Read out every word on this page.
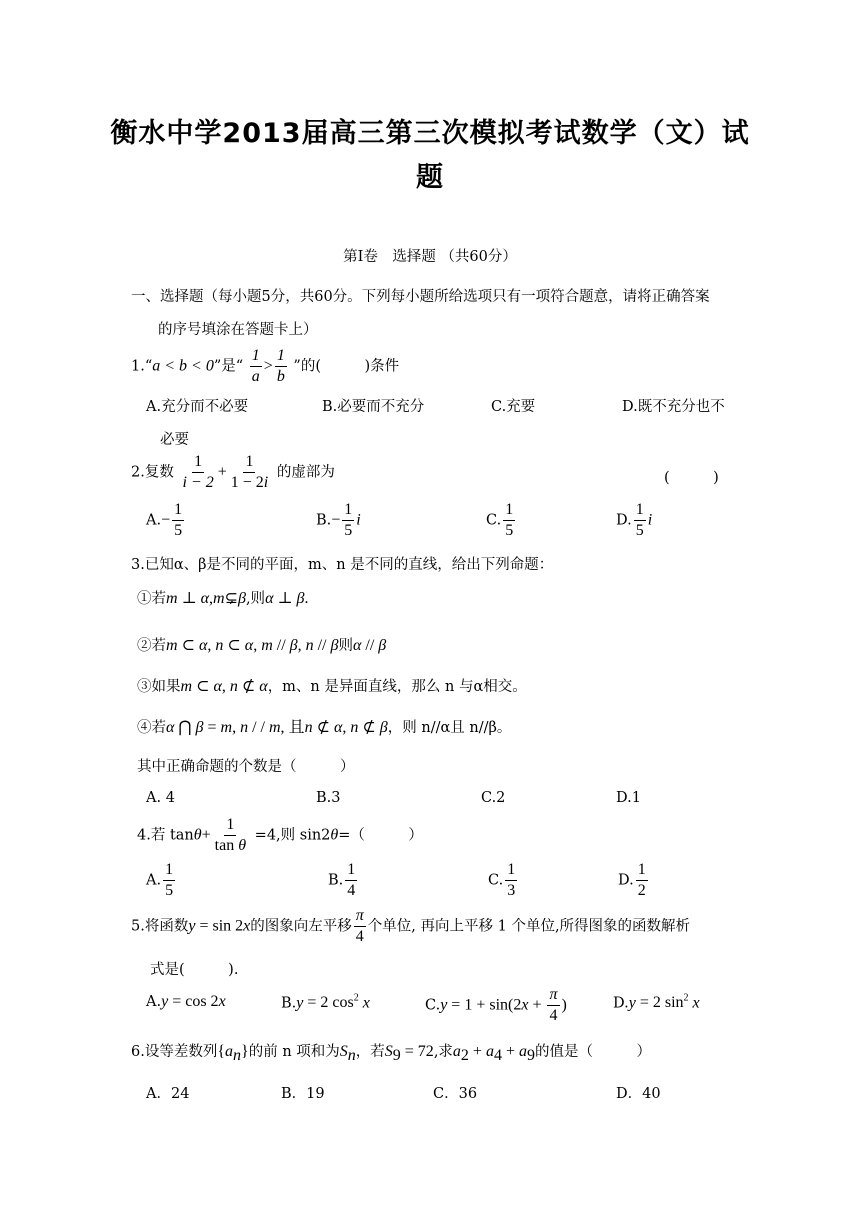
衡水中学2013届高三第三次模拟考试数学（文）试
题
第Ⅰ卷　选择题 （共60分）
一、选择题（每小题5分，共60分。下列每小题所给选项只有一项符合题意，请将正确答案
的序号填涂在答题卡上）
1.“a < b < 0”是“ $\frac{1}{a} > \frac{1}{b}$ ”的(　　　)条件
A.充分而不必要	B.必要而不充分	C.充要	D.既不充分也不
必要
2.复数 $\frac{1}{i - 2} + \frac{1}{1 - 2i}$ 的虚部为	(　　　)
$A.- \frac{1}{5}$	$B.- \frac{1}{5}$ i	C. $\frac{1}{5}$	D. $\frac{1}{5}$ i
3.已知α、β是不同的平面，m、n 是不同的直线，给出下列命题：
①若m ⊥ α,m⊊β,则α ⊥ β.
②若m ⊂ α, n ⊂ α, m // β, n // β则α // β
③如果m ⊂ α, n ⊄ α，m、n 是异面直线，那么 n 与α相交。
④若α ⋂ β = m, n / / m, 且n ⊄ α, n ⊄ β，则 n//α且 n//β。
其中正确命题的个数是（　　　）
A. 4	B.3	C.2	D.1
4.若 $\tan\theta+ \frac{1}{\text{tan θ}} =4$,则 sin2θ=（　　　）
A. $\frac{1}{5}$	B. $\frac{1}{4}$	C. $\frac{1}{3}$	D. $\frac{1}{2}$
5.将函数y = sin 2x的图象向左平移 $\frac{\pi}{4}$ 个单位, 再向上平移 1 个单位,所得图象的函数解析
式是(　　　).
A.y = cos 2x	B.y = 2 $\cos^2 x$	$C.y = 1 + \sin(2x + \frac{\pi}{4}$ )	D.y = 2 $\sin^2 x$
6.设等差数列$\{a_n\}$的前 n 项和为$S_n$，若$S_9 = 72$,求$a_2 + a_4 + a_9$的值是（　　　）
A．24	B．19	C．36	D．40
